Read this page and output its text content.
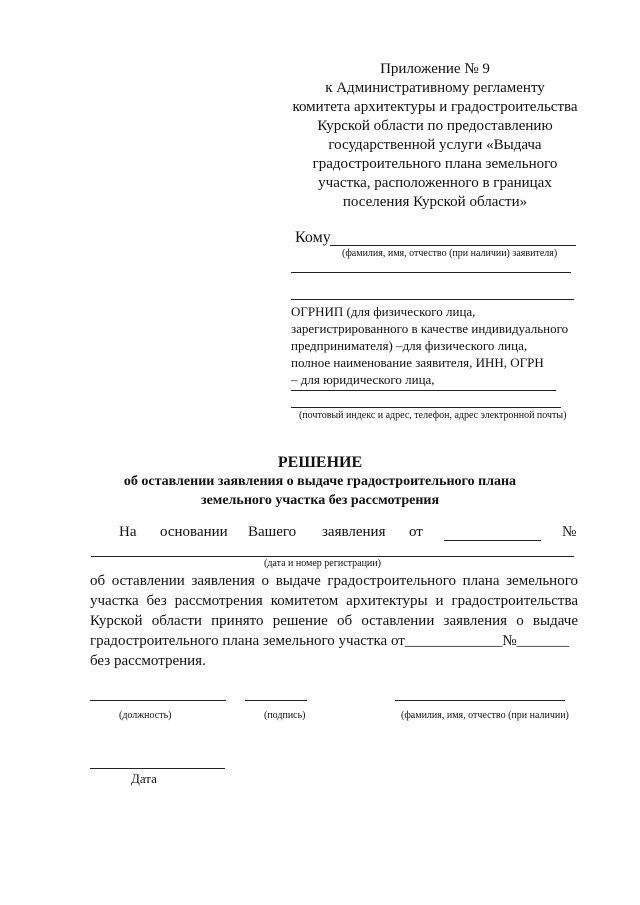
Приложение № 9
к Административному регламенту
комитета архитектуры и градостроительства
Курской области по предоставлению
государственной услуги «Выдача
градостроительного плана земельного
участка, расположенного в границах
поселения Курской области»
Кому
(фамилия, имя, отчество (при наличии) заявителя)
ОГРНИП (для физического лица,
зарегистрированного в качестве индивидуального
предпринимателя) –для физического лица,
полное наименование заявителя, ИНН, ОГРН
– для юридического лица,
(почтовый индекс и адрес, телефон, адрес электронной почты)
РЕШЕНИЕ
об оставлении заявления о выдаче градостроительного плана
земельного участка без рассмотрения
На основании Вашего заявления от	№
(дата и номер регистрации)
об оставлении заявления о выдаче градостроительного плана земельного
участка без рассмотрения комитетом архитектуры и градостроительства
Курской области принято решение об оставлении заявления о выдаче
градостроительного плана земельного участка от_____________№_______
без рассмотрения.
(должность)	(подпись)	(фамилия, имя, отчество (при наличии)
Дата
